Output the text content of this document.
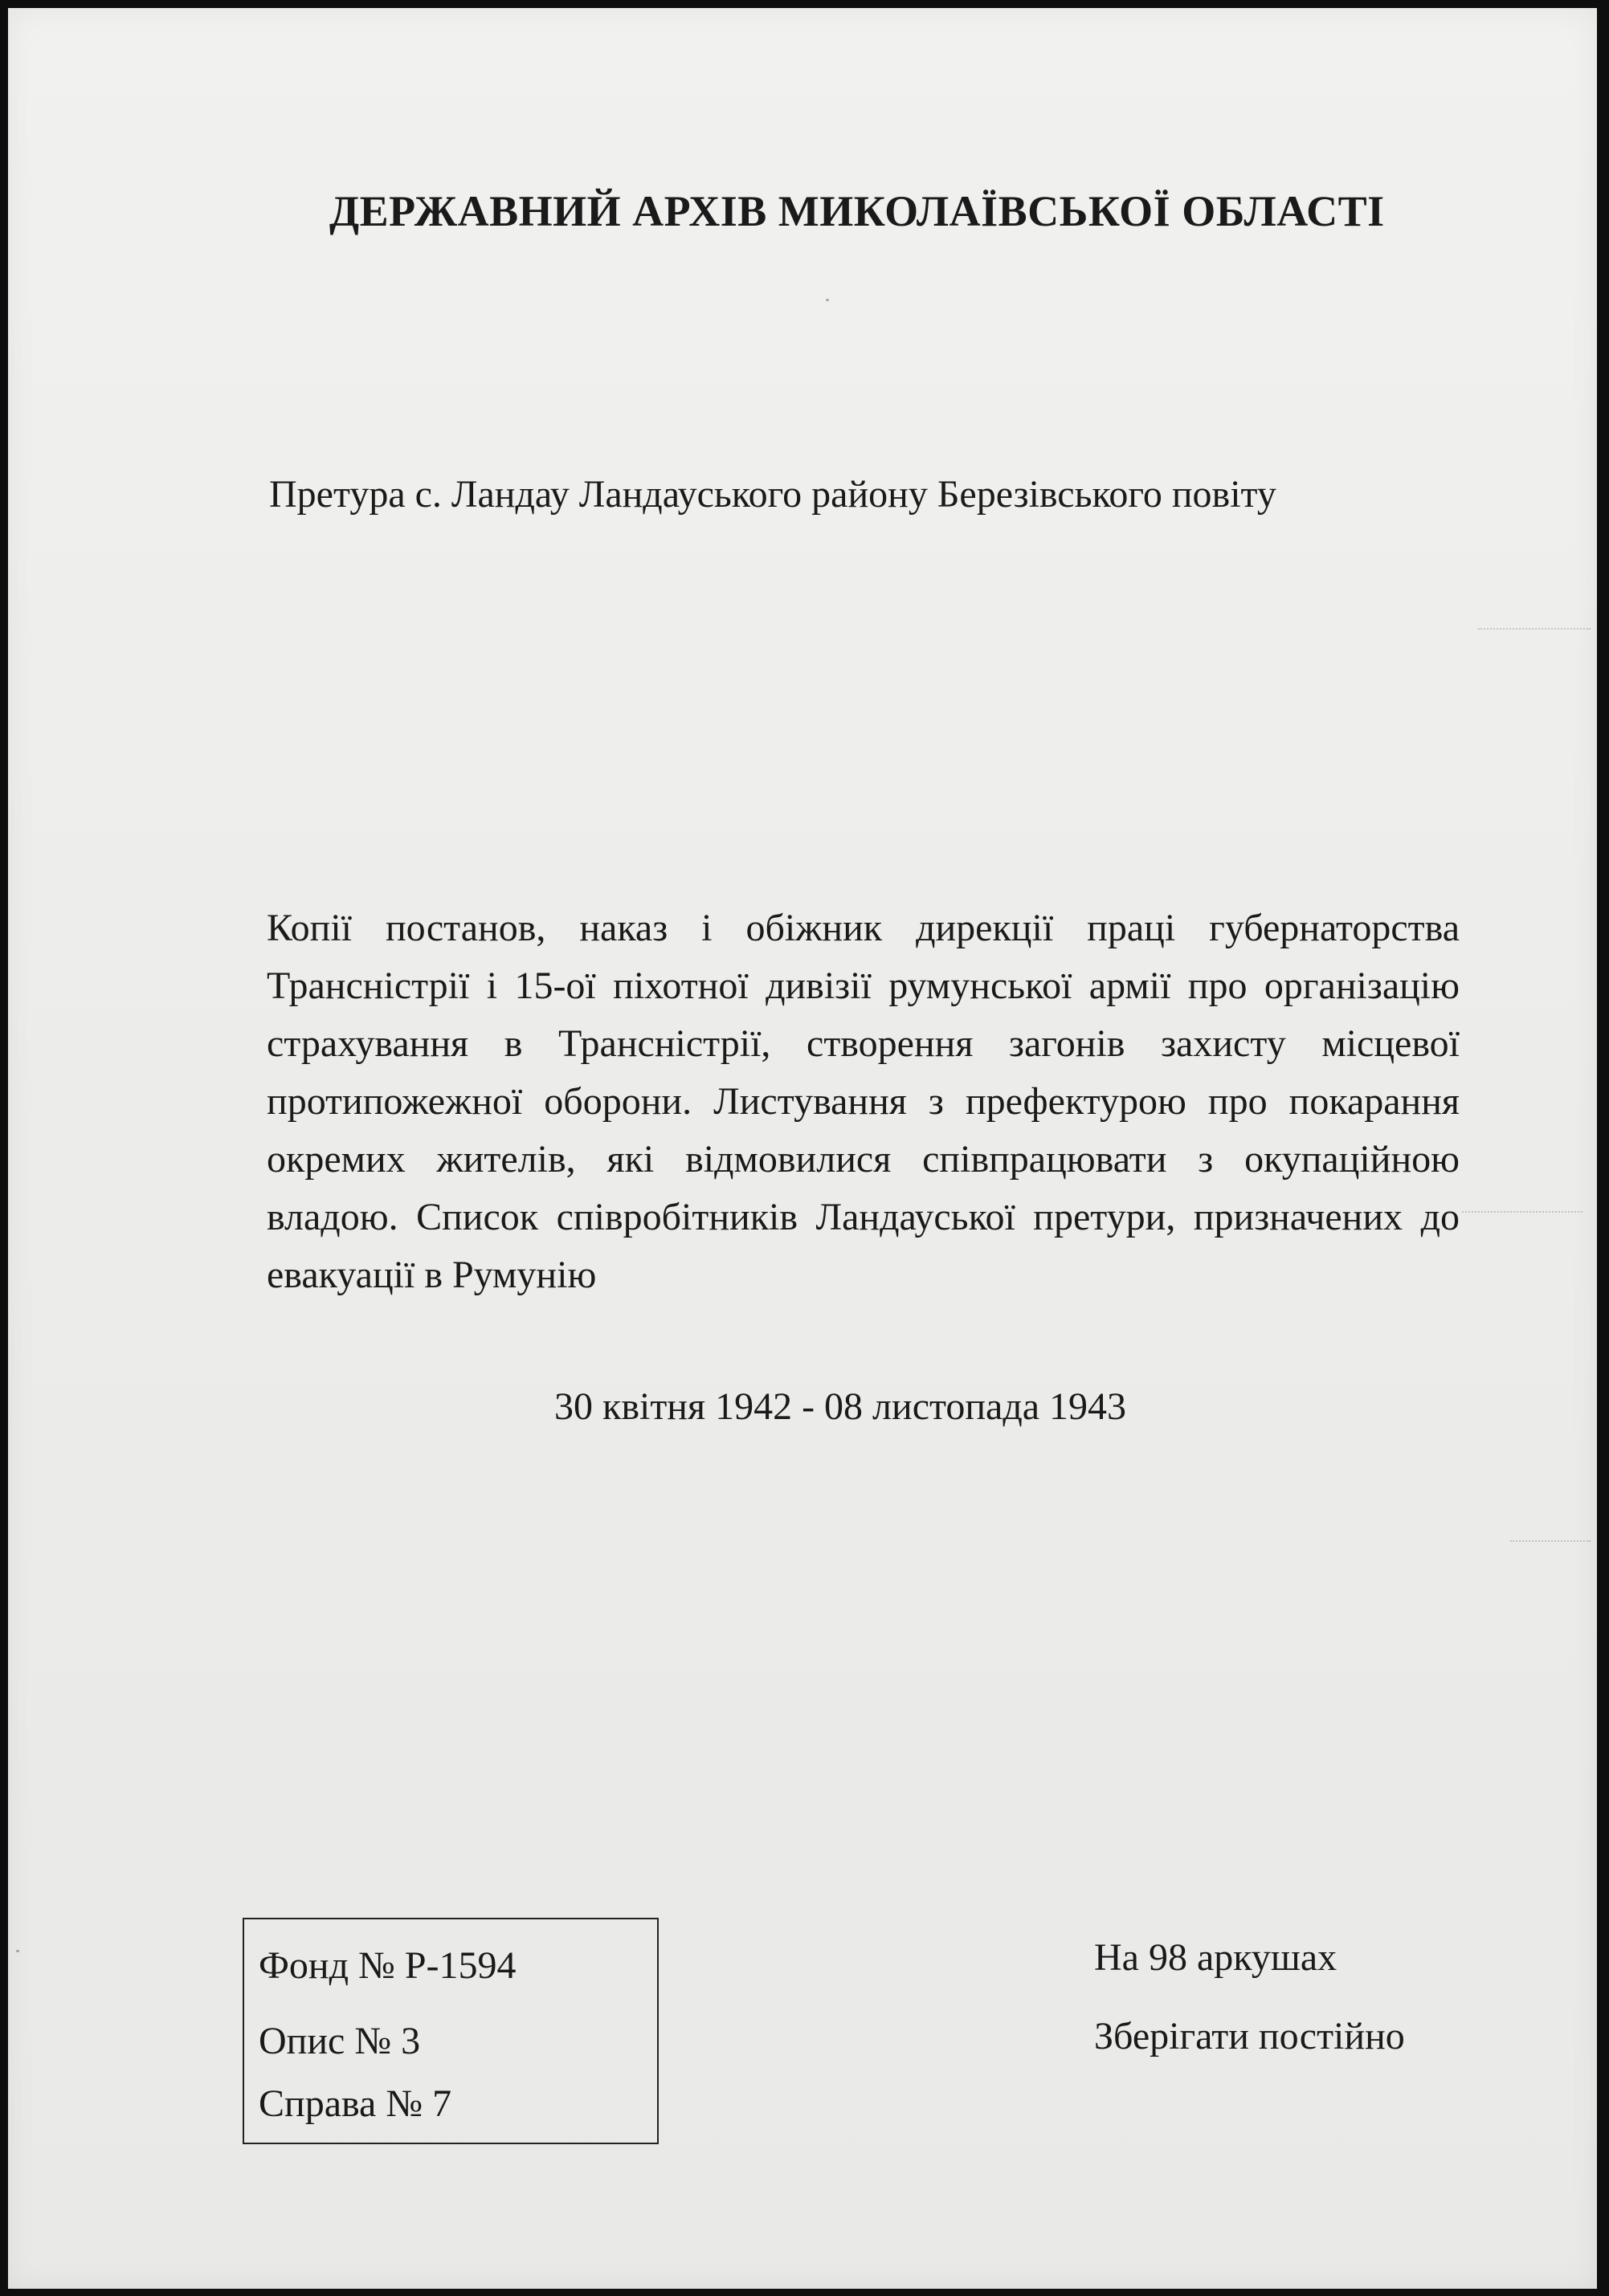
ДЕРЖАВНИЙ АРХІВ МИКОЛАЇВСЬКОЇ ОБЛАСТІ

Претура с. Ландау Ландауського району Березівського повіту

Копії постанов, наказ і обіжник дирекції праці губернаторства Трансністрії і 15-ої піхотної дивізії румунської армії про організацію страхування в Трансністрії, створення загонів захисту місцевої протипожежної оборони. Листування з префектурою про покарання окремих жителів, які відмовилися співпрацювати з окупаційною владою. Список співробітників Ландауської претури, призначених до евакуації в Румунію

30 квітня 1942 - 08 листопада 1943

Фонд № Р-1594

Опис № 3

Справа № 7

На 98 аркушах

Зберігати постійно
